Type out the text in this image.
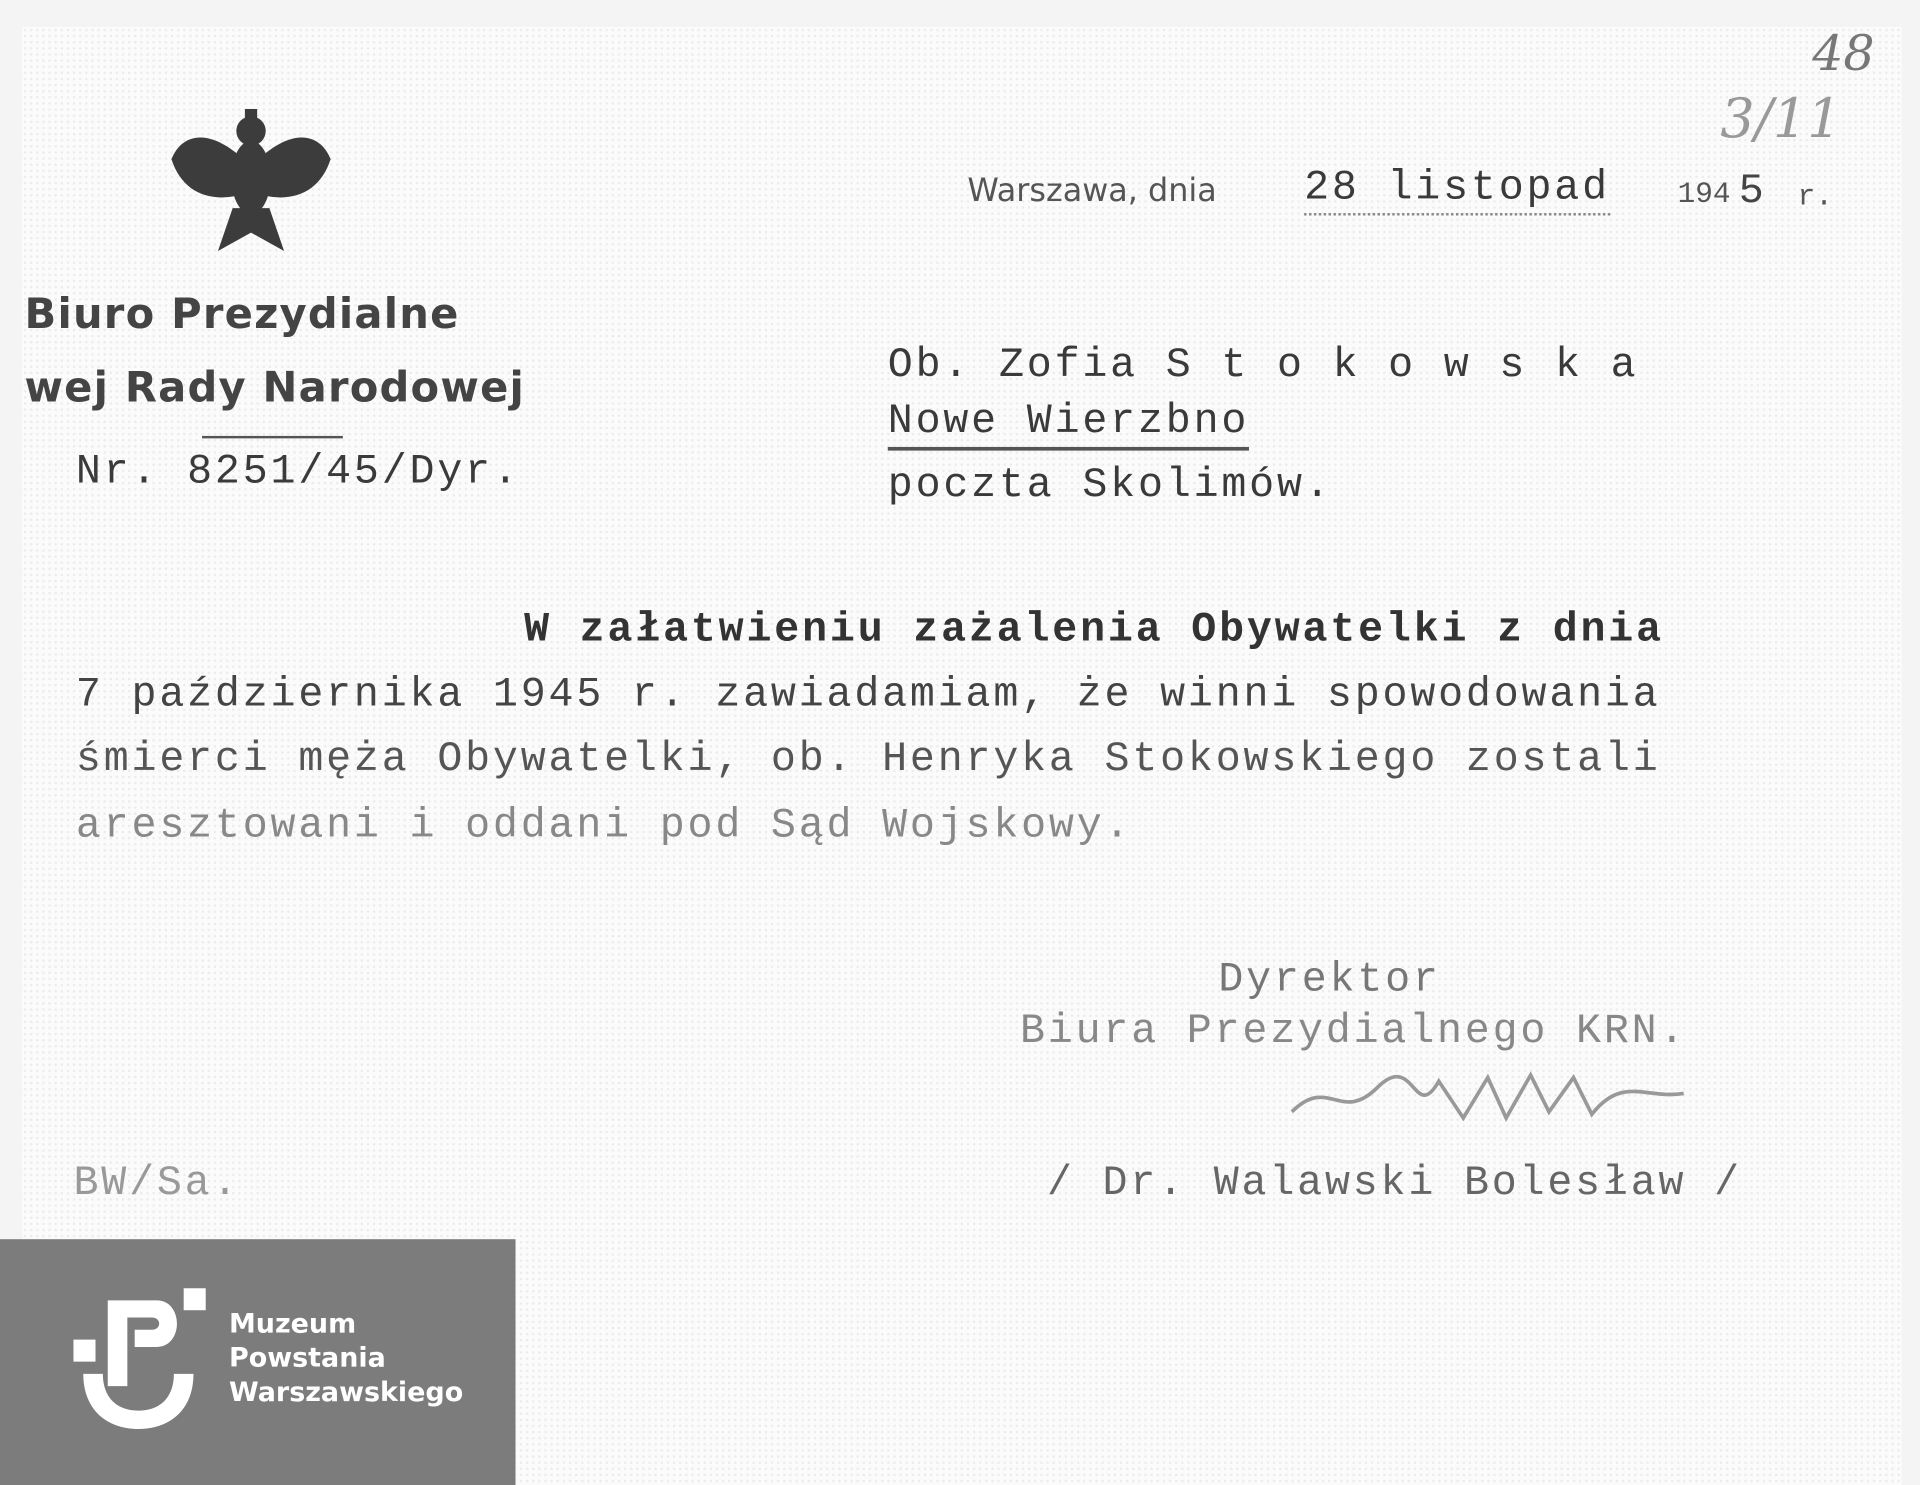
Biuro Prezydialne
wej Rady Narodowej
Nr. 8251/45/Dyr.
Warszawa, dnia	28 listopad	194 5 r.
48
3/11
Ob. Zofia S t o k o w s k a
Nowe Wierzbno
poczta Skolimów.
W załatwieniu zażalenia Obywatelki z dnia
7 października 1945 r. zawiadamiam, że winni spowodowania
śmierci męża Obywatelki, ob. Henryka Stokowskiego zostali
aresztowani i oddani pod Sąd Wojskowy.
Dyrektor
Biura Prezydialnego KRN.
/ Dr. Walawski Bolesław /
BW/Sa.
Muzeum
Powstania
Warszawskiego
